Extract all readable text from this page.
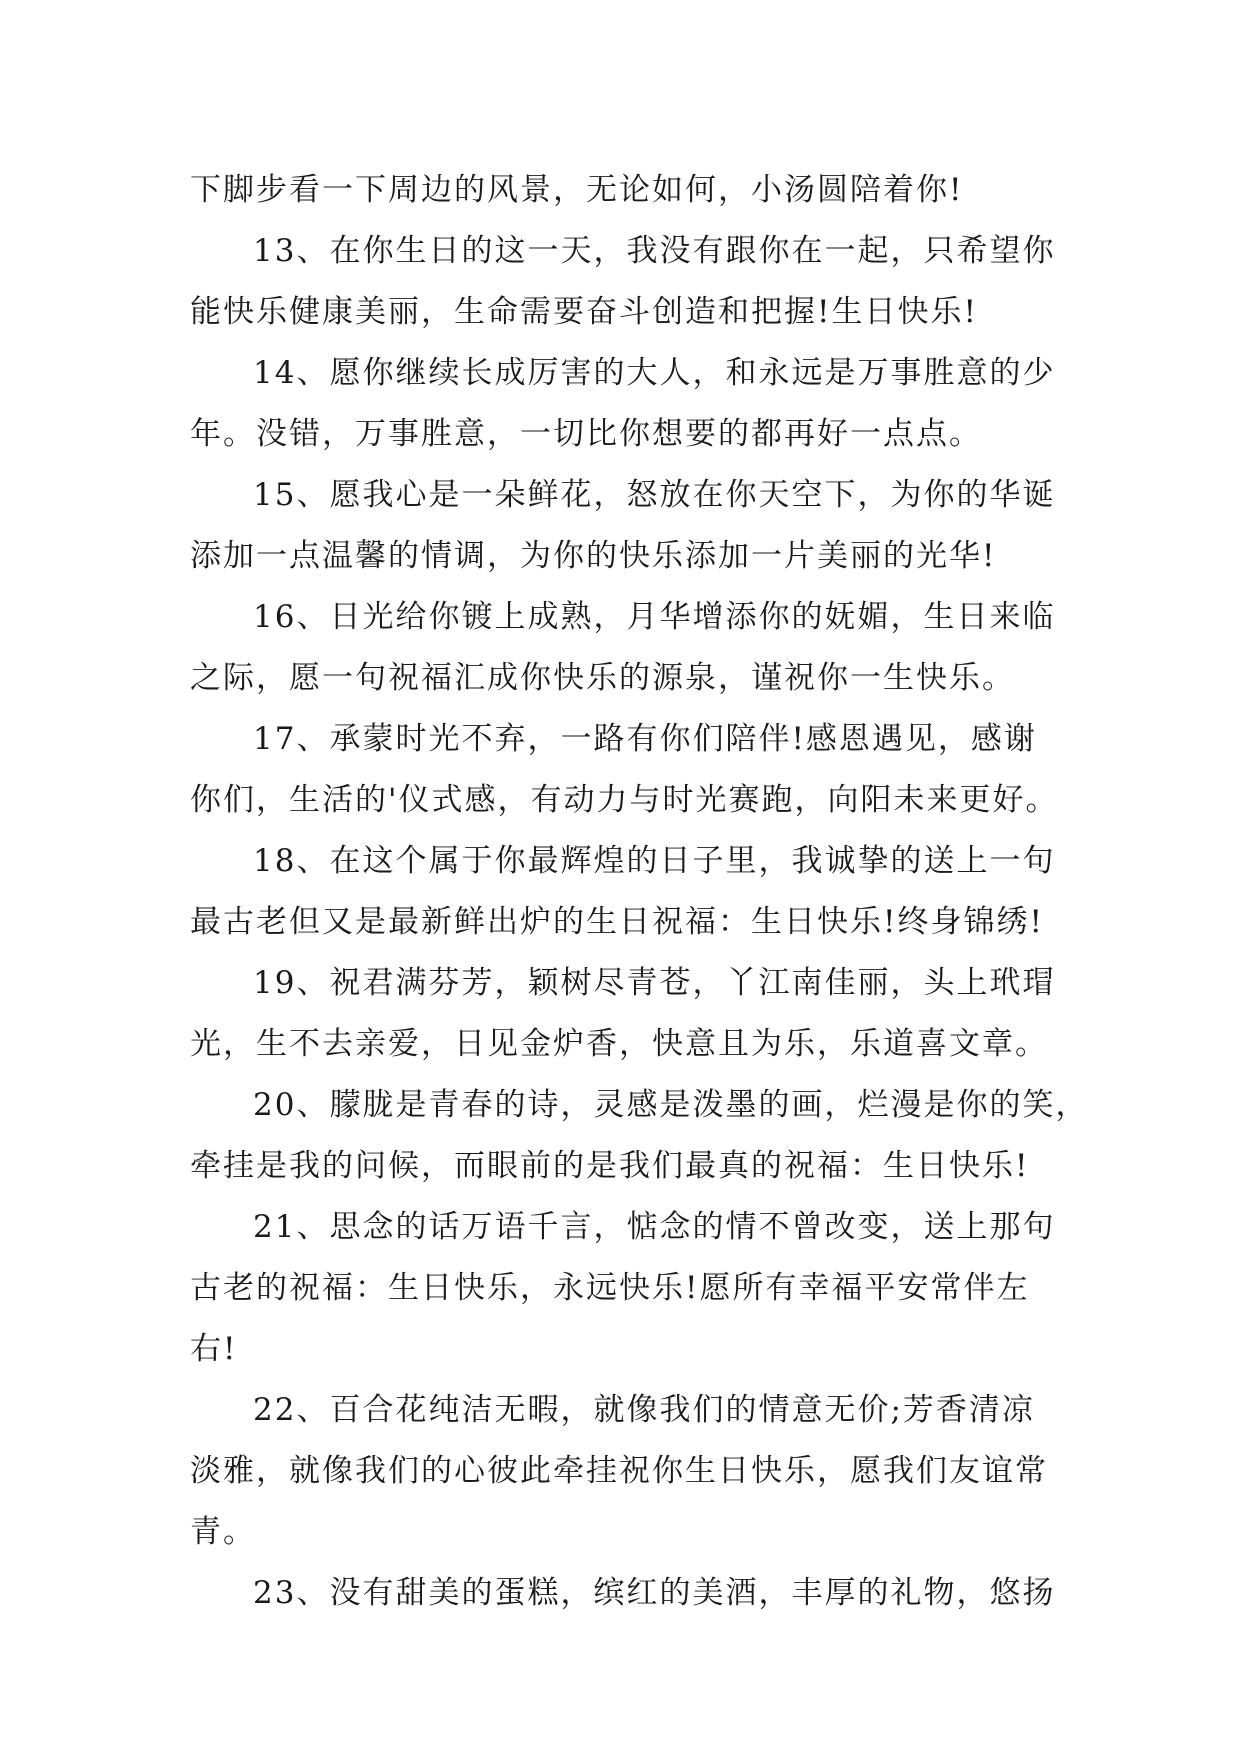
下脚步看一下周边的风景，无论如何，小汤圆陪着你!
13、在你生日的这一天，我没有跟你在一起，只希望你
能快乐健康美丽，生命需要奋斗创造和把握!生日快乐!
14、愿你继续长成厉害的大人，和永远是万事胜意的少
年。没错，万事胜意，一切比你想要的都再好一点点。
15、愿我心是一朵鲜花，怒放在你天空下，为你的华诞
添加一点温馨的情调，为你的快乐添加一片美丽的光华!
16、日光给你镀上成熟，月华增添你的妩媚，生日来临
之际，愿一句祝福汇成你快乐的源泉，谨祝你一生快乐。
17、承蒙时光不弃，一路有你们陪伴!感恩遇见，感谢
你们，生活的'仪式感，有动力与时光赛跑，向阳未来更好。
18、在这个属于你最辉煌的日子里，我诚挚的送上一句
最古老但又是最新鲜出炉的生日祝福：生日快乐!终身锦绣!
19、祝君满芬芳，颖树尽青苍，丫江南佳丽，头上玳瑁
光，生不去亲爱，日见金炉香，快意且为乐，乐道喜文章。
20、朦胧是青春的诗，灵感是泼墨的画，烂漫是你的笑，
牵挂是我的问候，而眼前的是我们最真的祝福：生日快乐!
21、思念的话万语千言，惦念的情不曾改变，送上那句
古老的祝福：生日快乐，永远快乐!愿所有幸福平安常伴左
右!
22、百合花纯洁无暇，就像我们的情意无价;芳香清凉
淡雅，就像我们的心彼此牵挂祝你生日快乐，愿我们友谊常
青。
23、没有甜美的蛋糕，缤红的美酒，丰厚的礼物，悠扬
